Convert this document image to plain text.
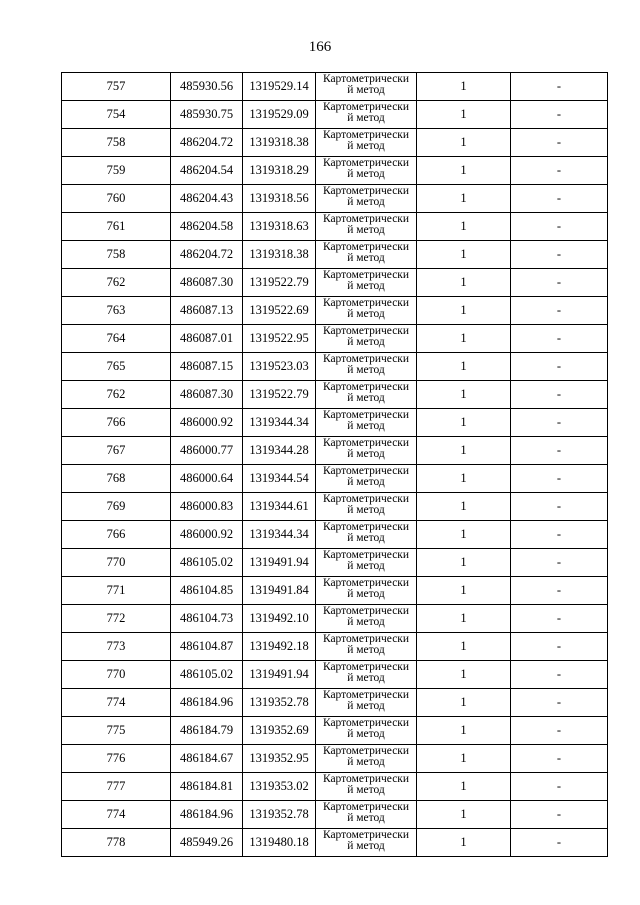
166
757	485930.56	1319529.14	Картометрически
й метод	1	-
754	485930.75	1319529.09	Картометрически
й метод	1	-
758	486204.72	1319318.38	Картометрически
й метод	1	-
759	486204.54	1319318.29	Картометрически
й метод	1	-
760	486204.43	1319318.56	Картометрически
й метод	1	-
761	486204.58	1319318.63	Картометрически
й метод	1	-
758	486204.72	1319318.38	Картометрически
й метод	1	-
762	486087.30	1319522.79	Картометрически
й метод	1	-
763	486087.13	1319522.69	Картометрически
й метод	1	-
764	486087.01	1319522.95	Картометрически
й метод	1	-
765	486087.15	1319523.03	Картометрически
й метод	1	-
762	486087.30	1319522.79	Картометрически
й метод	1	-
766	486000.92	1319344.34	Картометрически
й метод	1	-
767	486000.77	1319344.28	Картометрически
й метод	1	-
768	486000.64	1319344.54	Картометрически
й метод	1	-
769	486000.83	1319344.61	Картометрически
й метод	1	-
766	486000.92	1319344.34	Картометрически
й метод	1	-
770	486105.02	1319491.94	Картометрически
й метод	1	-
771	486104.85	1319491.84	Картометрически
й метод	1	-
772	486104.73	1319492.10	Картометрически
й метод	1	-
773	486104.87	1319492.18	Картометрически
й метод	1	-
770	486105.02	1319491.94	Картометрически
й метод	1	-
774	486184.96	1319352.78	Картометрически
й метод	1	-
775	486184.79	1319352.69	Картометрически
й метод	1	-
776	486184.67	1319352.95	Картометрически
й метод	1	-
777	486184.81	1319353.02	Картометрически
й метод	1	-
774	486184.96	1319352.78	Картометрически
й метод	1	-
778	485949.26	1319480.18	Картометрически
й метод	1	-
